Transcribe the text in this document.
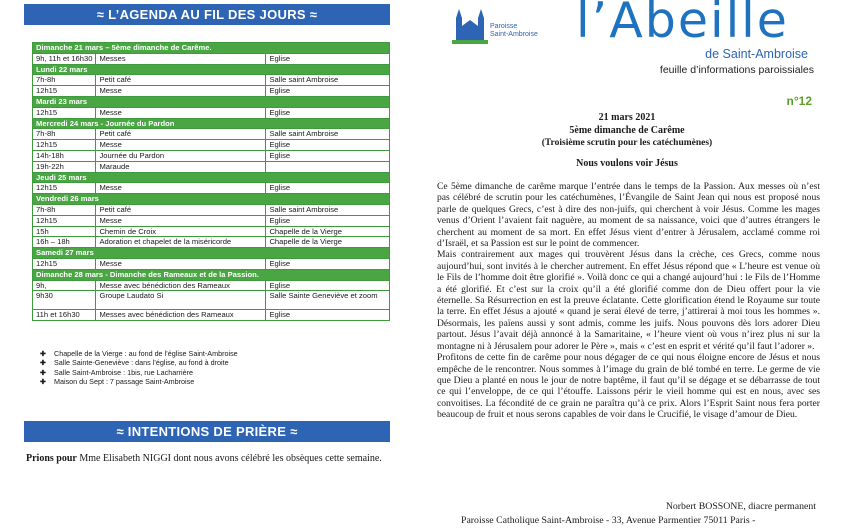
≈ L’AGENDA AU FIL DES JOURS ≈
Dimanche 21 mars – 5ème dimanche de Carême.		
9h, 11h et 16h30	Messes	Eglise
Lundi 22 mars		
7h-8h	Petit café	Salle saint Ambroise
12h15	Messe	Eglise
Mardi 23 mars		
12h15	Messe	Eglise
Mercredi 24 mars - Journée du Pardon		
7h-8h	Petit café	Salle saint Ambroise
12h15	Messe	Eglise
14h-18h	Journée du Pardon	Eglise
19h-22h	Maraude	
Jeudi 25 mars		
12h15	Messe	Eglise
Vendredi 26 mars		
7h-8h	Petit café	Salle saint Ambroise
12h15	Messe	Eglise
15h	Chemin de Croix	Chapelle de la Vierge
16h – 18h	Adoration et chapelet de la miséricorde	Chapelle de la Vierge
Samedi 27 mars		
12h15	Messe	Eglise
Dimanche 28 mars - Dimanche des Rameaux et de la Passion.		
9h,	Messe avec bénédiction des Rameaux	Eglise
9h30	Groupe Laudato Si	Salle Sainte Geneviève et zoom
11h et 16h30	Messes avec bénédiction des Rameaux	Eglise
✚ Chapelle de la Vierge : au fond de l’église Saint-Ambroise
✚ Salle Sainte-Geneviève : dans l’église, au fond à droite
✚ Salle Saint-Ambroise : 1bis, rue Lacharrière
✚ Maison du Sept : 7 passage Saint-Ambroise
≈ INTENTIONS DE PRIÈRE ≈
Prions pour Mme Elisabeth NIGGI dont nous avons célébré les obsèques cette semaine.
Paroisse
Saint-Ambroise l’Abeille
de Saint-Ambroise
feuille d’informations paroissiales
n°12
21 mars 2021
5ème dimanche de Carême
(Troisième scrutin pour les catéchumènes)
Nous voulons voir Jésus

Ce 5ème dimanche de carême marque l’entrée dans le temps de la Passion. Aux messes où n’est pas célébré de scrutin pour les catéchumènes, l’Évangile de Saint Jean qui nous est proposé nous parle de quelques Grecs, c’est à dire des non-juifs, qui cherchent à voir Jésus. Comme les mages venus d’Orient l’avaient fait naguère, au moment de sa naissance, voici que d’autres étrangers le cherchent au moment de sa mort. En effet Jésus vient d’entrer à Jérusalem, acclamé comme roi d’Israël, et sa Passion est sur le point de commencer.

Mais contrairement aux mages qui trouvèrent Jésus dans la crèche, ces Grecs, comme nous aujourd’hui, sont invités à le chercher autrement. En effet Jésus répond que « L’heure est venue où le Fils de l’homme doit être glorifié ». Voilà donc ce qui a changé aujourd’hui : le Fils de l’Homme a été glorifié. Et c’est sur la croix qu’il a été glorifié comme don de Dieu offert pour la vie éternelle. Sa Résurrection en est la preuve éclatante. Cette glorification étend le Royaume sur toute la terre. En effet Jésus a ajouté « quand je serai élevé de terre, j’attirerai à moi tous les hommes ». Désormais, les païens aussi y sont admis, comme les juifs. Nous pouvons dès lors adorer Dieu partout. Jésus l’avait déjà annoncé à la Samaritaine, « l’heure vient où vous n’irez plus ni sur la montagne ni à Jérusalem pour adorer le Père », mais « c’est en esprit et vérité qu’il faut l’adorer ».

Profitons de cette fin de carême pour nous dégager de ce qui nous éloigne encore de Jésus et nous empêche de le rencontrer. Nous sommes à l’image du grain de blé tombé en terre. Le germe de vie que Dieu a planté en nous le jour de notre baptême, il faut qu’il se dégage et se débarrasse de tout ce qui l’enveloppe, de ce qui l’étouffe. Laissons périr le vieil homme qui est en nous, avec ses convoitises. La fécondité de ce grain ne paraîtra qu’à ce prix. Alors l’Esprit Saint nous fera porter beaucoup de fruit et nous serons capables de voir dans le Crucifié, le visage d’amour de Dieu.

Norbert BOSSONE, diacre permanent
Paroisse Catholique Saint-Ambroise - 33, Avenue Parmentier 75011 Paris -
